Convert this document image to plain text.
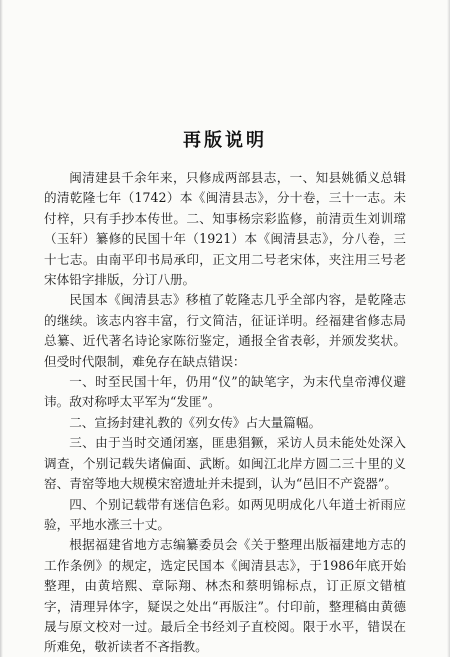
再版说明

闽清建县千余年来，只修成两部县志，一、知县姚循义总辑的清乾隆七年（1742）本《闽清县志》，分十卷，三十一志。未付梓，只有手抄本传世。二、知事杨宗彩监修，前清贡生刘训瑺（玉轩）纂修的民国十年（1921）本《闽清县志》，分八卷，三十七志。由南平印书局承印，正文用二号老宋体，夹注用三号老宋体铅字排版，分订八册。

民国本《闽清县志》移植了乾隆志几乎全部内容，是乾隆志的继续。该志内容丰富，行文简洁，征证详明。经福建省修志局总纂、近代著名诗论家陈衍鉴定，通报全省表彰，并颁发奖状。但受时代限制，难免存在缺点错误：

一、时至民国十年，仍用“仪”的缺笔字，为末代皇帝溥仪避讳。敌对称呼太平军为“发匪”。

二、宣扬封建礼教的《列女传》占大量篇幅。

三、由于当时交通闭塞，匪患猖獗，采访人员未能处处深入调查，个别记载失诸偏面、武断。如闽江北岸方圆二三十里的义窑、青窑等地大规模宋窑遗址并未提到，认为“邑旧不产瓷器”。

四、个别记载带有迷信色彩。如两见明成化八年道士祈雨应验，平地水涨三十丈。

根据福建省地方志编纂委员会《关于整理出版福建地方志的工作条例》的规定，选定民国本《闽清县志》，于1986年底开始整理，由黄培熙、章际翔、林杰和蔡明锦标点，订正原文错植字，清理异体字，疑误之处出“再版注”。付印前，整理稿由黄德晟与原文校对一过。最后全书经刘子直校阅。限于水平，错误在所难免，敬祈读者不吝指教。
